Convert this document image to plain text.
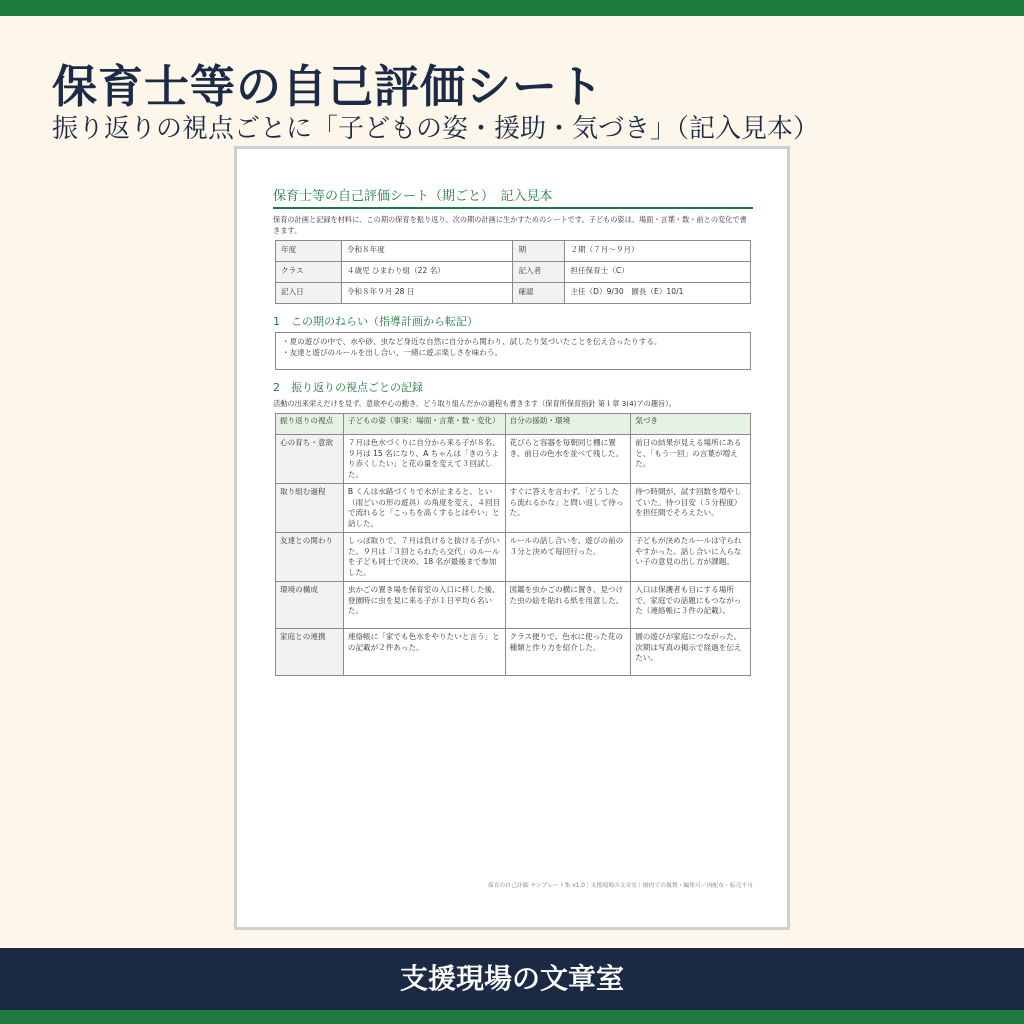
保育士等の自己評価シート
振り返りの視点ごとに「子どもの姿・援助・気づき」（記入見本）
保育士等の自己評価シート（期ごと）　記入見本

保育の計画と記録を材料に、この期の保育を振り返り、次の期の計画に生かすためのシートです。子どもの姿は、場面・言葉・数・前との変化で書きます。

年度	令和８年度	期	２期（７月〜９月）
クラス	４歳児 ひまわり組（22 名）	記入者	担任保育士（C）
記入日	令和８年９月 28 日	確認	主任（D）9/30　園長（E）10/1
1　この期のねらい（指導計画から転記）
・夏の遊びの中で、水や砂、虫など身近な自然に自分から関わり、試したり気づいたことを伝え合ったりする。
・友達と遊びのルールを出し合い、一緒に遊ぶ楽しさを味わう。
2　振り返りの視点ごとの記録
活動の出来栄えだけを見ず、意欲や心の動き、どう取り組んだかの過程も書きます（保育所保育指針 第１章 3(4)アの趣旨）。
振り返りの視点	子どもの姿（事実：場面・言葉・数・変化）	自分の援助・環境	気づき
心の育ち・意欲	７月は色水づくりに自分から来る子が８名、９月は 15 名になり、A ちゃんは「きのうより赤くしたい」と花の量を変えて３回試した。	花びらと容器を毎朝同じ棚に置き、前日の色水を並べて残した。	前日の結果が見える場所にあると、「もう一回」の言葉が増えた。
取り組む過程	B くんは水路づくりで水が止まると、とい（雨どいの形の遊具）の角度を変え、４回目で流れると「こっちを高くするとはやい」と話した。	すぐに答えを言わず、「どうしたら流れるかな」と問い返して待った。	待つ時間が、試す回数を増やしていた。待つ目安（５分程度）を担任間でそろえたい。
友達との関わり	しっぽ取りで、７月は負けると抜ける子がいた。９月は「３回とられたら交代」のルールを子ども同士で決め、18 名が最後まで参加した。	ルールの話し合いを、遊びの前の３分と決めて毎回行った。	子どもが決めたルールは守られやすかった。話し合いに入らない子の意見の出し方が課題。
環境の構成	虫かごの置き場を保育室の入口に移した後、登園時に虫を見に来る子が１日平均６名いた。	図鑑を虫かごの横に置き、見つけた虫の絵を貼れる紙を用意した。	入口は保護者も目にする場所で、家庭での話題にもつながった（連絡帳に３件の記載）。
家庭との連携	連絡帳に「家でも色水をやりたいと言う」との記載が２件あった。	クラス便りで、色水に使った花の種類と作り方を紹介した。	園の遊びが家庭につながった。次期は写真の掲示で経過を伝えたい。
保育の自己評価 テンプレート集 v1.0｜支援現場の文章室｜園内での複製・編集可／再配布・転売不可
支援現場の文章室
